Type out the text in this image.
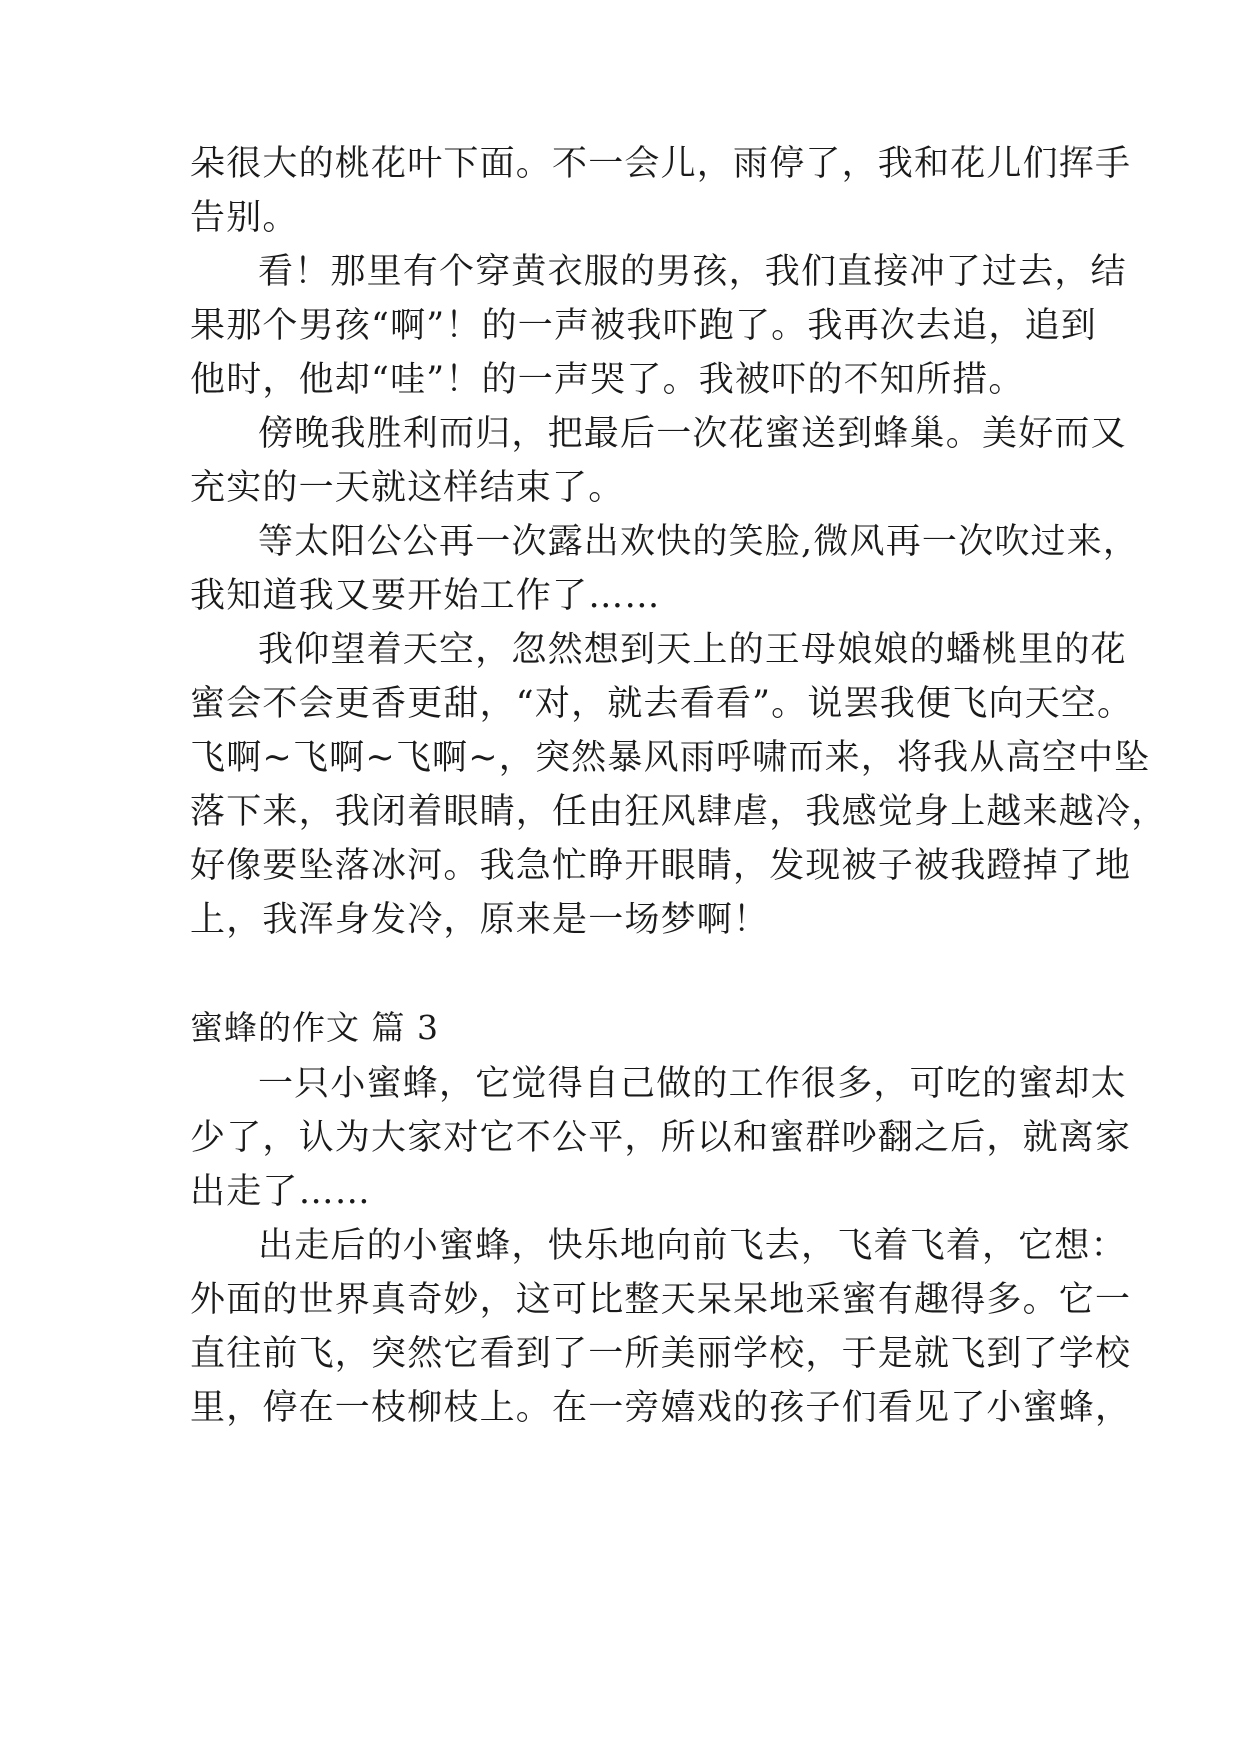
朵很大的桃花叶下面。不一会儿，雨停了，我和花儿们挥手
告别。
看！那里有个穿黄衣服的男孩，我们直接冲了过去，结
果那个男孩“啊”！的一声被我吓跑了。我再次去追，追到
他时，他却“哇”！的一声哭了。我被吓的不知所措。
傍晚我胜利而归，把最后一次花蜜送到蜂巢。美好而又
充实的一天就这样结束了。
等太阳公公再一次露出欢快的笑脸,微风再一次吹过来，
我知道我又要开始工作了……
我仰望着天空，忽然想到天上的王母娘娘的蟠桃里的花
蜜会不会更香更甜，“对，就去看看”。说罢我便飞向天空。
飞啊~飞啊~飞啊~，突然暴风雨呼啸而来，将我从高空中坠
落下来，我闭着眼睛，任由狂风肆虐，我感觉身上越来越冷，
好像要坠落冰河。我急忙睁开眼睛，发现被子被我蹬掉了地
上，我浑身发冷，原来是一场梦啊！
蜜蜂的作文 篇 3
一只小蜜蜂，它觉得自己做的工作很多，可吃的蜜却太
少了，认为大家对它不公平，所以和蜜群吵翻之后，就离家
出走了……
出走后的小蜜蜂，快乐地向前飞去，飞着飞着，它想：
外面的世界真奇妙，这可比整天呆呆地采蜜有趣得多。它一
直往前飞，突然它看到了一所美丽学校，于是就飞到了学校
里，停在一枝柳枝上。在一旁嬉戏的孩子们看见了小蜜蜂，
